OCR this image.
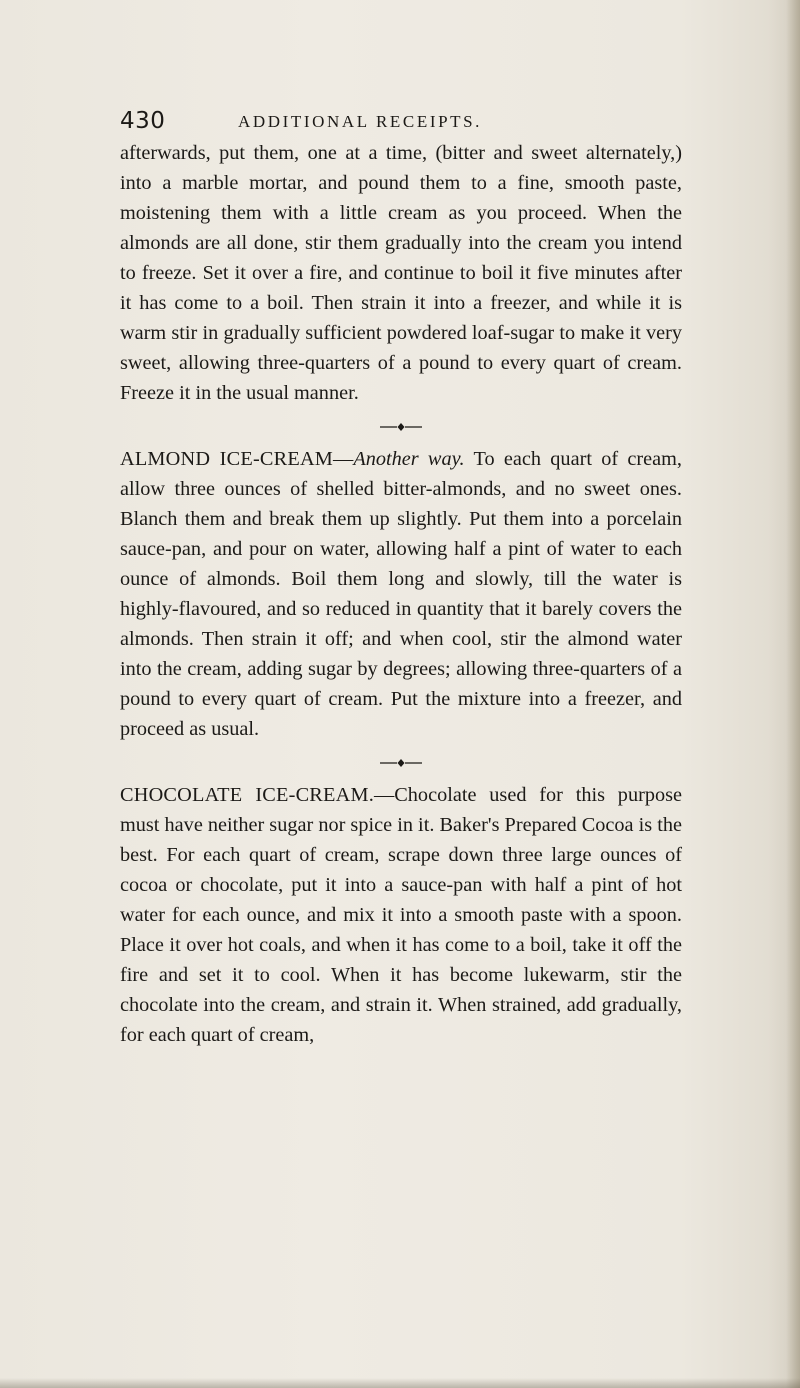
430	ADDITIONAL RECEIPTS.

afterwards, put them, one at a time, (bitter and sweet alternately,) into a marble mortar, and pound them to a fine, smooth paste, moistening them with a little cream as you proceed. When the almonds are all done, stir them gradually into the cream you intend to freeze. Set it over a fire, and continue to boil it five minutes after it has come to a boil. Then strain it into a freezer, and while it is warm stir in gradually sufficient powdered loaf-sugar to make it very sweet, allowing three-quarters of a pound to every quart of cream. Freeze it in the usual manner.

ALMOND ICE-CREAM—Another way. To each quart of cream, allow three ounces of shelled bitter-almonds, and no sweet ones. Blanch them and break them up slightly. Put them into a porcelain sauce-pan, and pour on water, allowing half a pint of water to each ounce of almonds. Boil them long and slowly, till the water is highly-flavoured, and so reduced in quantity that it barely covers the almonds. Then strain it off; and when cool, stir the almond water into the cream, adding sugar by degrees; allowing three-quarters of a pound to every quart of cream. Put the mixture into a freezer, and proceed as usual.

CHOCOLATE ICE-CREAM.—Chocolate used for this purpose must have neither sugar nor spice in it. Baker's Prepared Cocoa is the best. For each quart of cream, scrape down three large ounces of cocoa or chocolate, put it into a sauce-pan with half a pint of hot water for each ounce, and mix it into a smooth paste with a spoon. Place it over hot coals, and when it has come to a boil, take it off the fire and set it to cool. When it has become lukewarm, stir the chocolate into the cream, and strain it. When strained, add gradually, for each quart of cream,
